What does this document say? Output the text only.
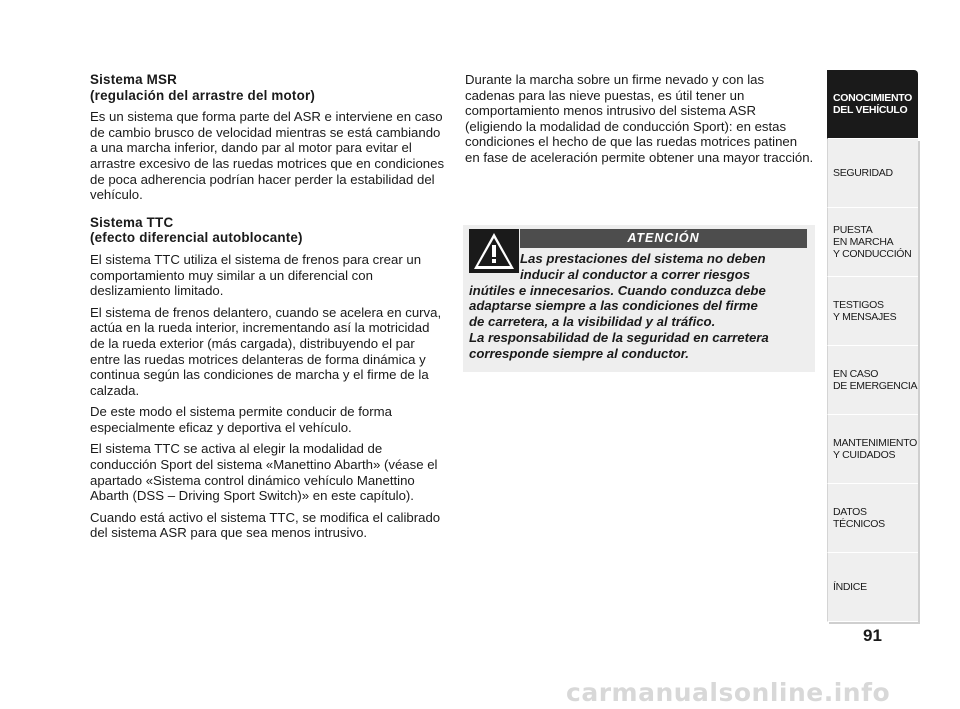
Sistema MSR
(regulación del arrastre del motor)

Es un sistema que forma parte del ASR e interviene en caso de cambio brusco de velocidad mientras se está cambiando a una marcha inferior, dando par al motor para evitar el arrastre excesivo de las ruedas motrices que en condiciones de poca adherencia podrían hacer perder la estabilidad del vehículo.

Sistema TTC
(efecto diferencial autoblocante)

El sistema TTC utiliza el sistema de frenos para crear un comportamiento muy similar a un diferencial con deslizamiento limitado.

El sistema de frenos delantero, cuando se acelera en curva, actúa en la rueda interior, incrementando así la motricidad de la rueda exterior (más cargada), distribuyendo el par entre las ruedas motrices delanteras de forma dinámica y continua según las condiciones de marcha y el firme de la calzada.

De este modo el sistema permite conducir de forma especialmente eficaz y deportiva el vehículo.

El sistema TTC se activa al elegir la modalidad de conducción Sport del sistema «Manettino Abarth» (véase el apartado «Sistema control dinámico vehículo Manettino Abarth (DSS – Driving Sport Switch)» en este capítulo).

Cuando está activo el sistema TTC, se modifica el calibrado del sistema ASR para que sea menos intrusivo.

Durante la marcha sobre un firme nevado y con las cadenas para las nieve puestas, es útil tener un comportamiento menos intrusivo del sistema ASR (eligiendo la modalidad de conducción Sport): en estas condiciones el hecho de que las ruedas motrices patinen en fase de aceleración permite obtener una mayor tracción.

ATENCIÓN
Las prestaciones del sistema no deben
inducir al conductor a correr riesgos
inútiles e innecesarios. Cuando conduzca debe
adaptarse siempre a las condiciones del firme
de carretera, a la visibilidad y al tráfico.
La responsabilidad de la seguridad en carretera
corresponde siempre al conductor.
CONOCIMIENTO
DEL VEHÍCULO
SEGURIDAD
PUESTA
EN MARCHA
Y CONDUCCIÓN
TESTIGOS
Y MENSAJES
EN CASO
DE EMERGENCIA
MANTENIMIENTO
Y CUIDADOS
DATOS TÉCNICOS
ÍNDICE
91
carmanualsonline.info
